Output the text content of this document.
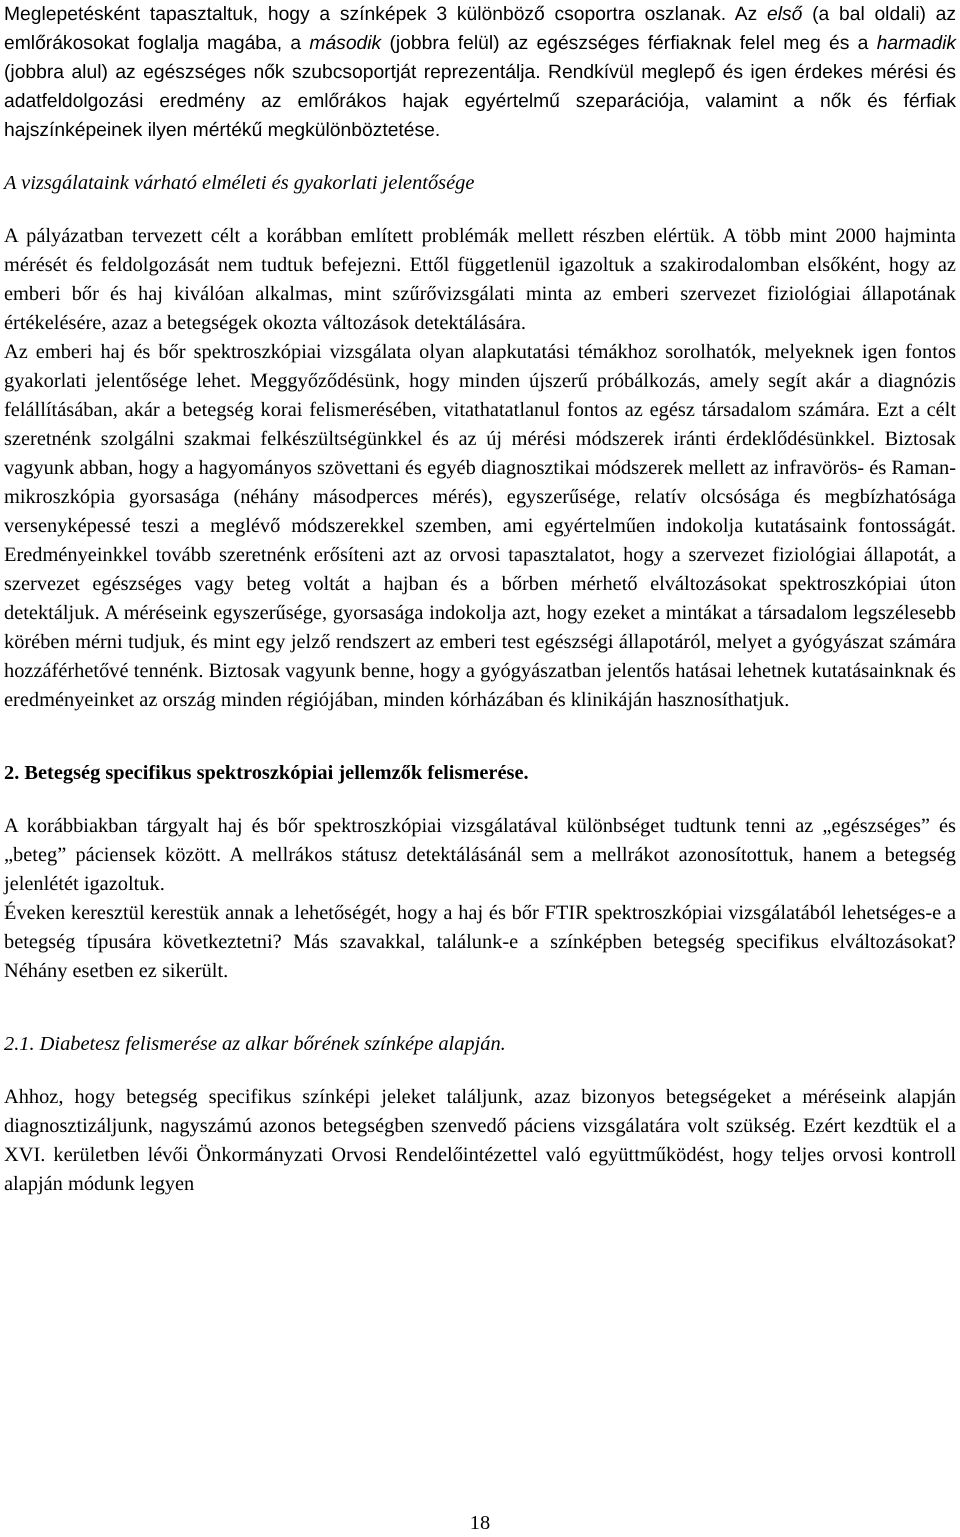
Meglepetésként tapasztaltuk, hogy a színképek 3 különböző csoportra oszlanak. Az első (a bal oldali) az emlőrákosokat foglalja magába, a második (jobbra felül) az egészséges férfiaknak felel meg és a harmadik (jobbra alul) az egészséges nők szubcsoportját reprezentálja. Rendkívül meglepő és igen érdekes mérési és adatfeldolgozási eredmény az emlőrákos hajak egyértelmű szeparációja, valamint a nők és férfiak hajszínképeinek ilyen mértékű megkülönböztetése.

A vizsgálataink várható elméleti és gyakorlati jelentősége

A pályázatban tervezett célt a korábban említett problémák mellett részben elértük. A több mint 2000 hajminta mérését és feldolgozását nem tudtuk befejezni. Ettől függetlenül igazoltuk a szakirodalomban elsőként, hogy az emberi bőr és haj kiválóan alkalmas, mint szűrővizsgálati minta az emberi szervezet fiziológiai állapotának értékelésére, azaz a betegségek okozta változások detektálására.

Az emberi haj és bőr spektroszkópiai vizsgálata olyan alapkutatási témákhoz sorolhatók, melyeknek igen fontos gyakorlati jelentősége lehet. Meggyőződésünk, hogy minden újszerű próbálkozás, amely segít akár a diagnózis felállításában, akár a betegség korai felismerésében, vitathatatlanul fontos az egész társadalom számára. Ezt a célt szeretnénk szolgálni szakmai felkészültségünkkel és az új mérési módszerek iránti érdeklődésünkkel. Biztosak vagyunk abban, hogy a hagyományos szövettani és egyéb diagnosztikai módszerek mellett az infravörös- és Raman-mikroszkópia gyorsasága (néhány másodperces mérés), egyszerűsége, relatív olcsósága és megbízhatósága versenyképessé teszi a meglévő módszerekkel szemben, ami egyértelműen indokolja kutatásaink fontosságát. Eredményeinkkel tovább szeretnénk erősíteni azt az orvosi tapasztalatot, hogy a szervezet fiziológiai állapotát, a szervezet egészséges vagy beteg voltát a hajban és a bőrben mérhető elváltozásokat spektroszkópiai úton detektáljuk. A méréseink egyszerűsége, gyorsasága indokolja azt, hogy ezeket a mintákat a társadalom legszélesebb körében mérni tudjuk, és mint egy jelző rendszert az emberi test egészségi állapotáról, melyet a gyógyászat számára hozzáférhetővé tennénk. Biztosak vagyunk benne, hogy a gyógyászatban jelentős hatásai lehetnek kutatásainknak és eredményeinket az ország minden régiójában, minden kórházában és klinikáján hasznosíthatjuk.

2. Betegség specifikus spektroszkópiai jellemzők felismerése.

A korábbiakban tárgyalt haj és bőr spektroszkópiai vizsgálatával különbséget tudtunk tenni az „egészséges” és „beteg” páciensek között. A mellrákos státusz detektálásánál sem a mellrákot azonosítottuk, hanem a betegség jelenlétét igazoltuk.

Éveken keresztül kerestük annak a lehetőségét, hogy a haj és bőr FTIR spektroszkópiai vizsgálatából lehetséges-e a betegség típusára következtetni? Más szavakkal, találunk-e a színképben betegség specifikus elváltozásokat? Néhány esetben ez sikerült.

2.1. Diabetesz felismerése az alkar bőrének színképe alapján.

Ahhoz, hogy betegség specifikus színképi jeleket találjunk, azaz bizonyos betegségeket a méréseink alapján diagnosztizáljunk, nagyszámú azonos betegségben szenvedő páciens vizsgálatára volt szükség. Ezért kezdtük el a XVI. kerületben lévői Önkormányzati Orvosi Rendelőintézettel való együttműködést, hogy teljes orvosi kontroll alapján módunk legyen

18
